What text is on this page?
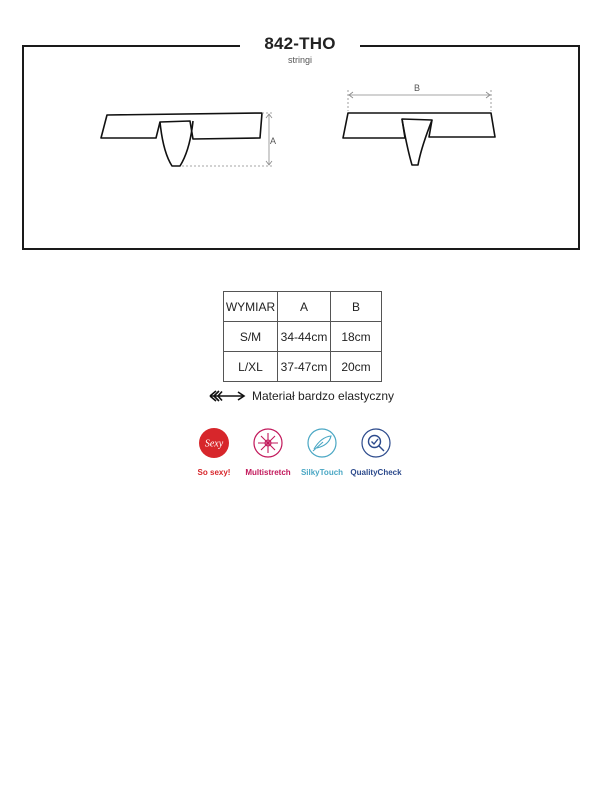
842-THO
stringi
A
B
WYMIAR	A	B
S/M	34-44cm	18cm
L/XL	37-47cm	20cm
Materiał bardzo elastyczny
Sexy
So sexy!	Multistretch	SilkyTouch QualityCheck
